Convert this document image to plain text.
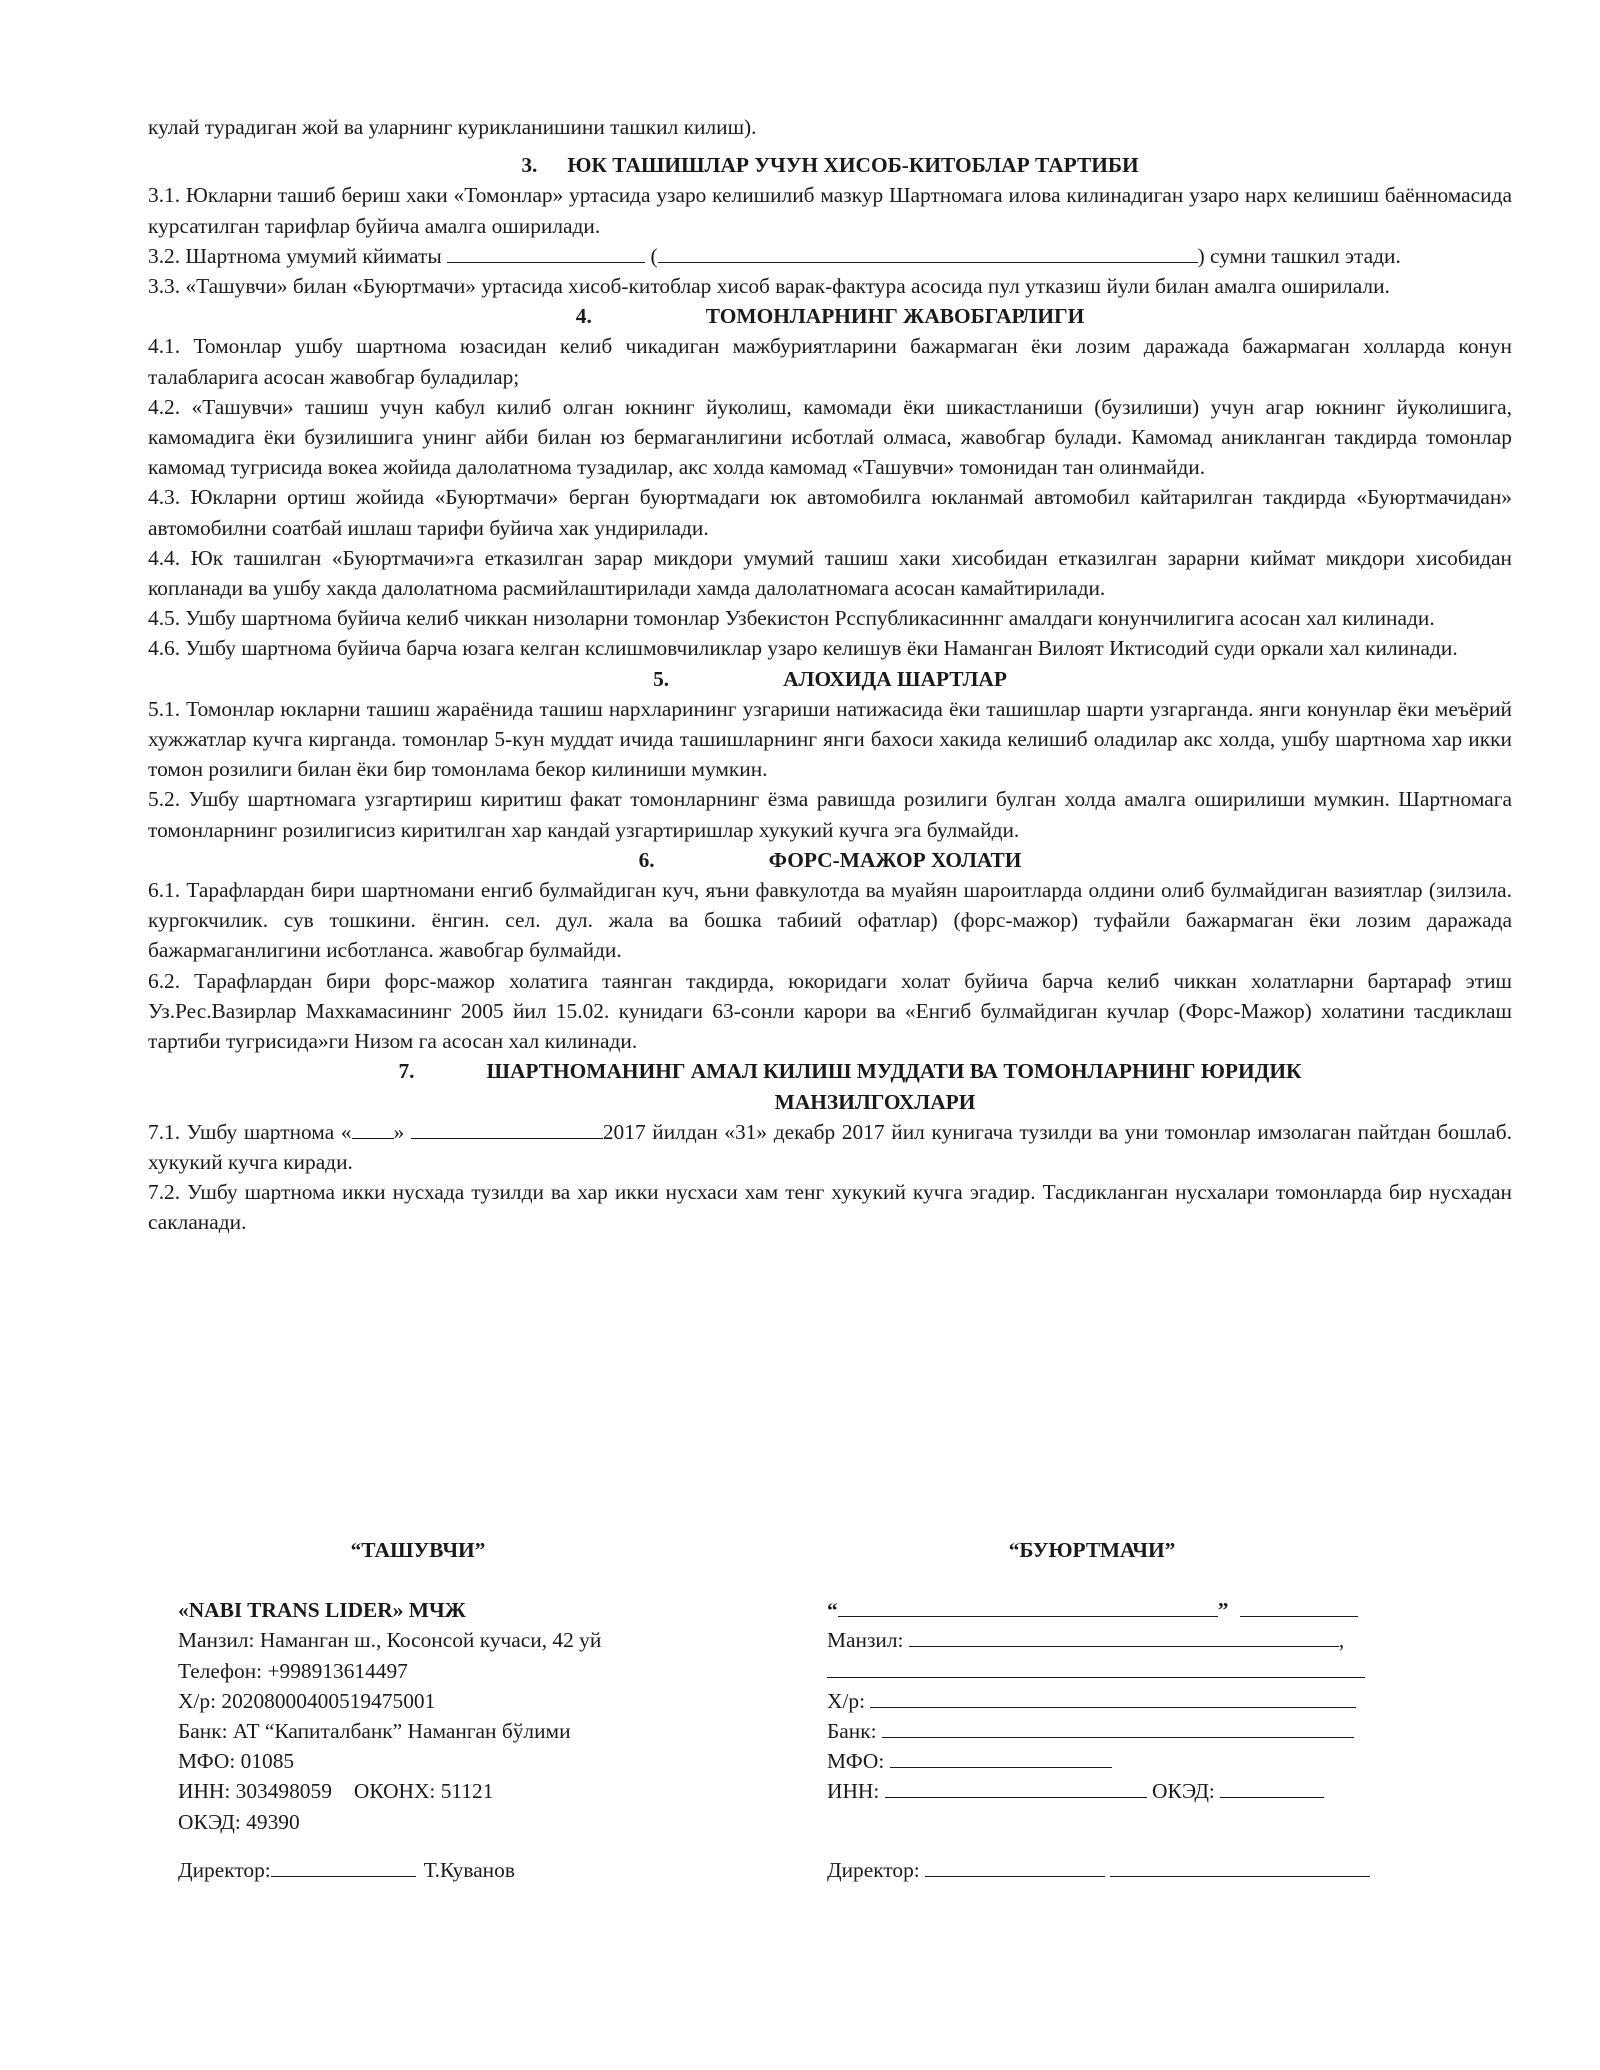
кулай турадиган жой ва уларнинг курикланишини ташкил килиш).

3. ЮК ТАШИШЛАР УЧУН ХИСОБ-КИТОБЛАР ТАРТИБИ

3.1. Юкларни ташиб бериш хаки «Томонлар» уртасида узаро келишилиб мазкур Шартномага илова килинадиган узаро нарх келишиш баённомасида курсатилган тарифлар буйича амалга оширилади.

3.2. Шартнома умумий кйиматы	(	) сумни ташкил этади.

3.3. «Ташувчи» билан «Буюртмачи» уртасида хисоб-китоблар хисоб варак-фактура асосида пул утказиш йули билан амалга оширилали.

4.	ТОМОНЛАРНИНГ ЖАВОБГАРЛИГИ

4.1. Томонлар ушбу шартнома юзасидан келиб чикадиган мажбуриятларини бажармаган ёки лозим даражада бажармаган холларда конун талабларига асосан жавобгар буладилар;

4.2. «Ташувчи» ташиш учун кабул килиб олган юкнинг йуколиш, камомади ёки шикастланиши (бузилиши) учун агар юкнинг йуколишига, камомадига ёки бузилишига унинг айби билан юз бермаганлигини исботлай олмаса, жавобгар булади. Камомад аникланган такдирда томонлар камомад тугрисида вокеа жойида далолатнома тузадилар, акс холда камомад «Ташувчи» томонидан тан олинмайди.

4.3. Юкларни ортиш жойида «Буюртмачи» берган буюртмадаги юк автомобилга юкланмай автомобил кайтарилган такдирда «Буюртмачидан» автомобилни соатбай ишлаш тарифи буйича хак ундирилади.

4.4. Юк ташилган «Буюртмачи»га етказилган зарар микдори умумий ташиш хаки хисобидан етказилган зарарни киймат микдори хисобидан копланади ва ушбу хакда далолатнома расмийлаштирилади хамда далолатномага асосан камайтирилади.

4.5. Ушбу шартнома буйича келиб чиккан низоларни томонлар Узбекистон Рсспубликасинннг амалдаги конунчилигига асосан хал килинади.

4.6. Ушбу шартнома буйича барча юзага келган кслишмовчиликлар узаро келишув ёки Наманган Вилоят Иктисодий суди оркали хал килинади.

5.	АЛОХИДА ШАРТЛАР

5.1. Томонлар юкларни ташиш жараёнида ташиш нархларининг узгариши натижасида ёки ташишлар шарти узгарганда. янги конунлар ёки меъёрий хужжатлар кучга кирганда. томонлар 5-кун муддат ичида ташишларнинг янги бахоси хакида келишиб оладилар акс холда, ушбу шартнома хар икки томон розилиги билан ёки бир томонлама бекор килиниши мумкин.

5.2. Ушбу шартномага узгартириш киритиш факат томонларнинг ёзма равишда розилиги булган холда амалга оширилиши мумкин. Шартномага томонларнинг розилигисиз киритилган хар кандай узгартиришлар хукукий кучга эга булмайди.

6.	ФОРС-МАЖОР ХОЛАТИ

6.1. Тарафлардан бири шартномани енгиб булмайдиган куч, яъни фавкулотда ва муайян шароитларда олдини олиб булмайдиган вазиятлар (зилзила. кургокчилик. сув тошкини. ёнгин. сел. дул. жала ва бошка табиий офатлар) (форс-мажор) туфайли бажармаган ёки лозим даражада бажармаганлигини исботланса. жавобгар булмайди.

6.2. Тарафлардан бири форс-мажор холатига таянган такдирда, юкоридаги холат буйича барча келиб чиккан холатларни бартараф этиш Уз.Рес.Вазирлар Махкамасининг 2005 йил 15.02. кунидаги 63-сонли карори ва «Енгиб булмайдиган кучлар (Форс-Мажор) холатини тасдиклаш тартиби тугрисида»ги Низом га асосан хал килинади.

7.	ШАРТНОМАНИНГ АМАЛ КИЛИШ МУДДАТИ ВА ТОМОНЛАРНИНГ ЮРИДИК

МАНЗИЛГОХЛАРИ

7.1. Ушбу шартнома « »	2017 йилдан «31» декабр 2017 йил кунигача тузилди ва уни томонлар имзолаган пайтдан бошлаб. хукукий кучга киради.

7.2. Ушбу шартнома икки нусхада тузилди ва хар икки нусхаси хам тенг хукукий кучга эгадир. Тасдикланган нусхалари томонларда бир нусхадан сакланади.

“ТАШУВЧИ”
«NABI TRANS LIDER» МЧЖ
Манзил: Наманган ш., Косонсой кучаси, 42 уй
Телефон: +998913614497
Х/р: 20208000400519475001
Банк: АТ “Капиталбанк” Наманган бўлими
МФО: 01085
ИНН: 303498059 ОКОНХ: 51121
ОКЭД: 49390
Директор:	Т.Куванов
“БУЮРТМАЧИ”
“	”
Манзил:	,
Х/р:
Банк:
МФО:
ИНН:	ОКЭД:
Директор:
